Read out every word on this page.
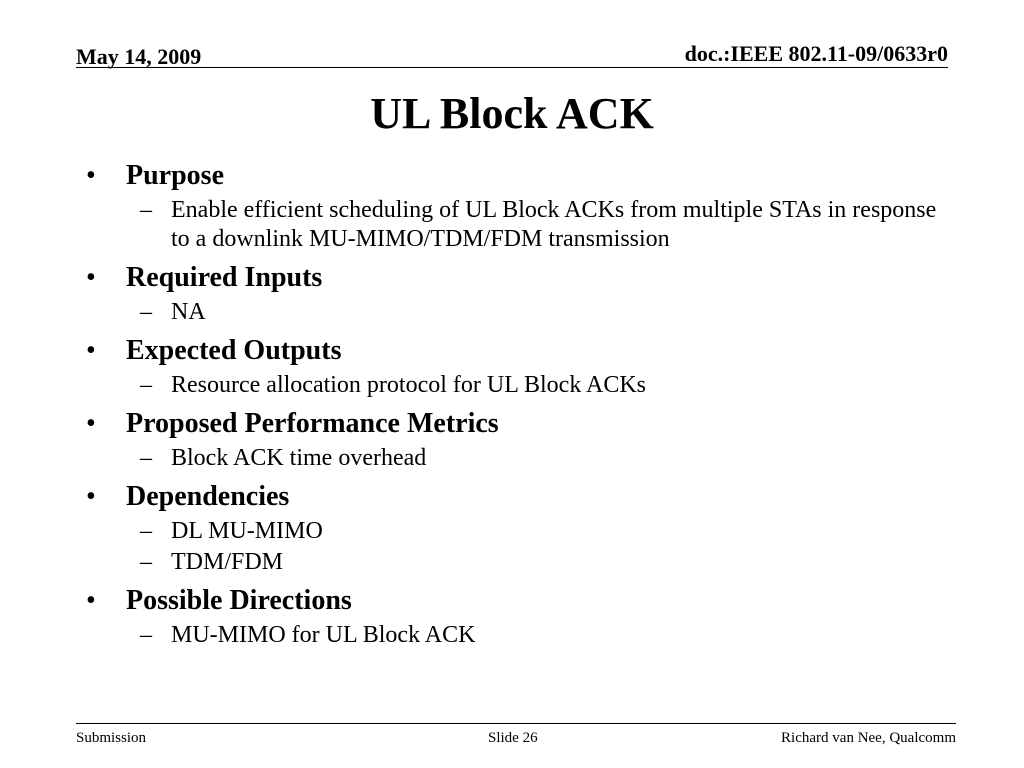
May 14, 2009	doc.:IEEE 802.11-09/0633r0
UL Block ACK
• Purpose
– Enable efficient scheduling of UL Block ACKs from multiple STAs in response to a downlink MU-MIMO/TDM/FDM transmission
• Required Inputs
– NA
• Expected Outputs
– Resource allocation protocol for UL Block ACKs
• Proposed Performance Metrics
– Block ACK time overhead
• Dependencies
– DL MU-MIMO
– TDM/FDM
• Possible Directions
– MU-MIMO for UL Block ACK
Submission	Slide 26	Richard van Nee, Qualcomm
